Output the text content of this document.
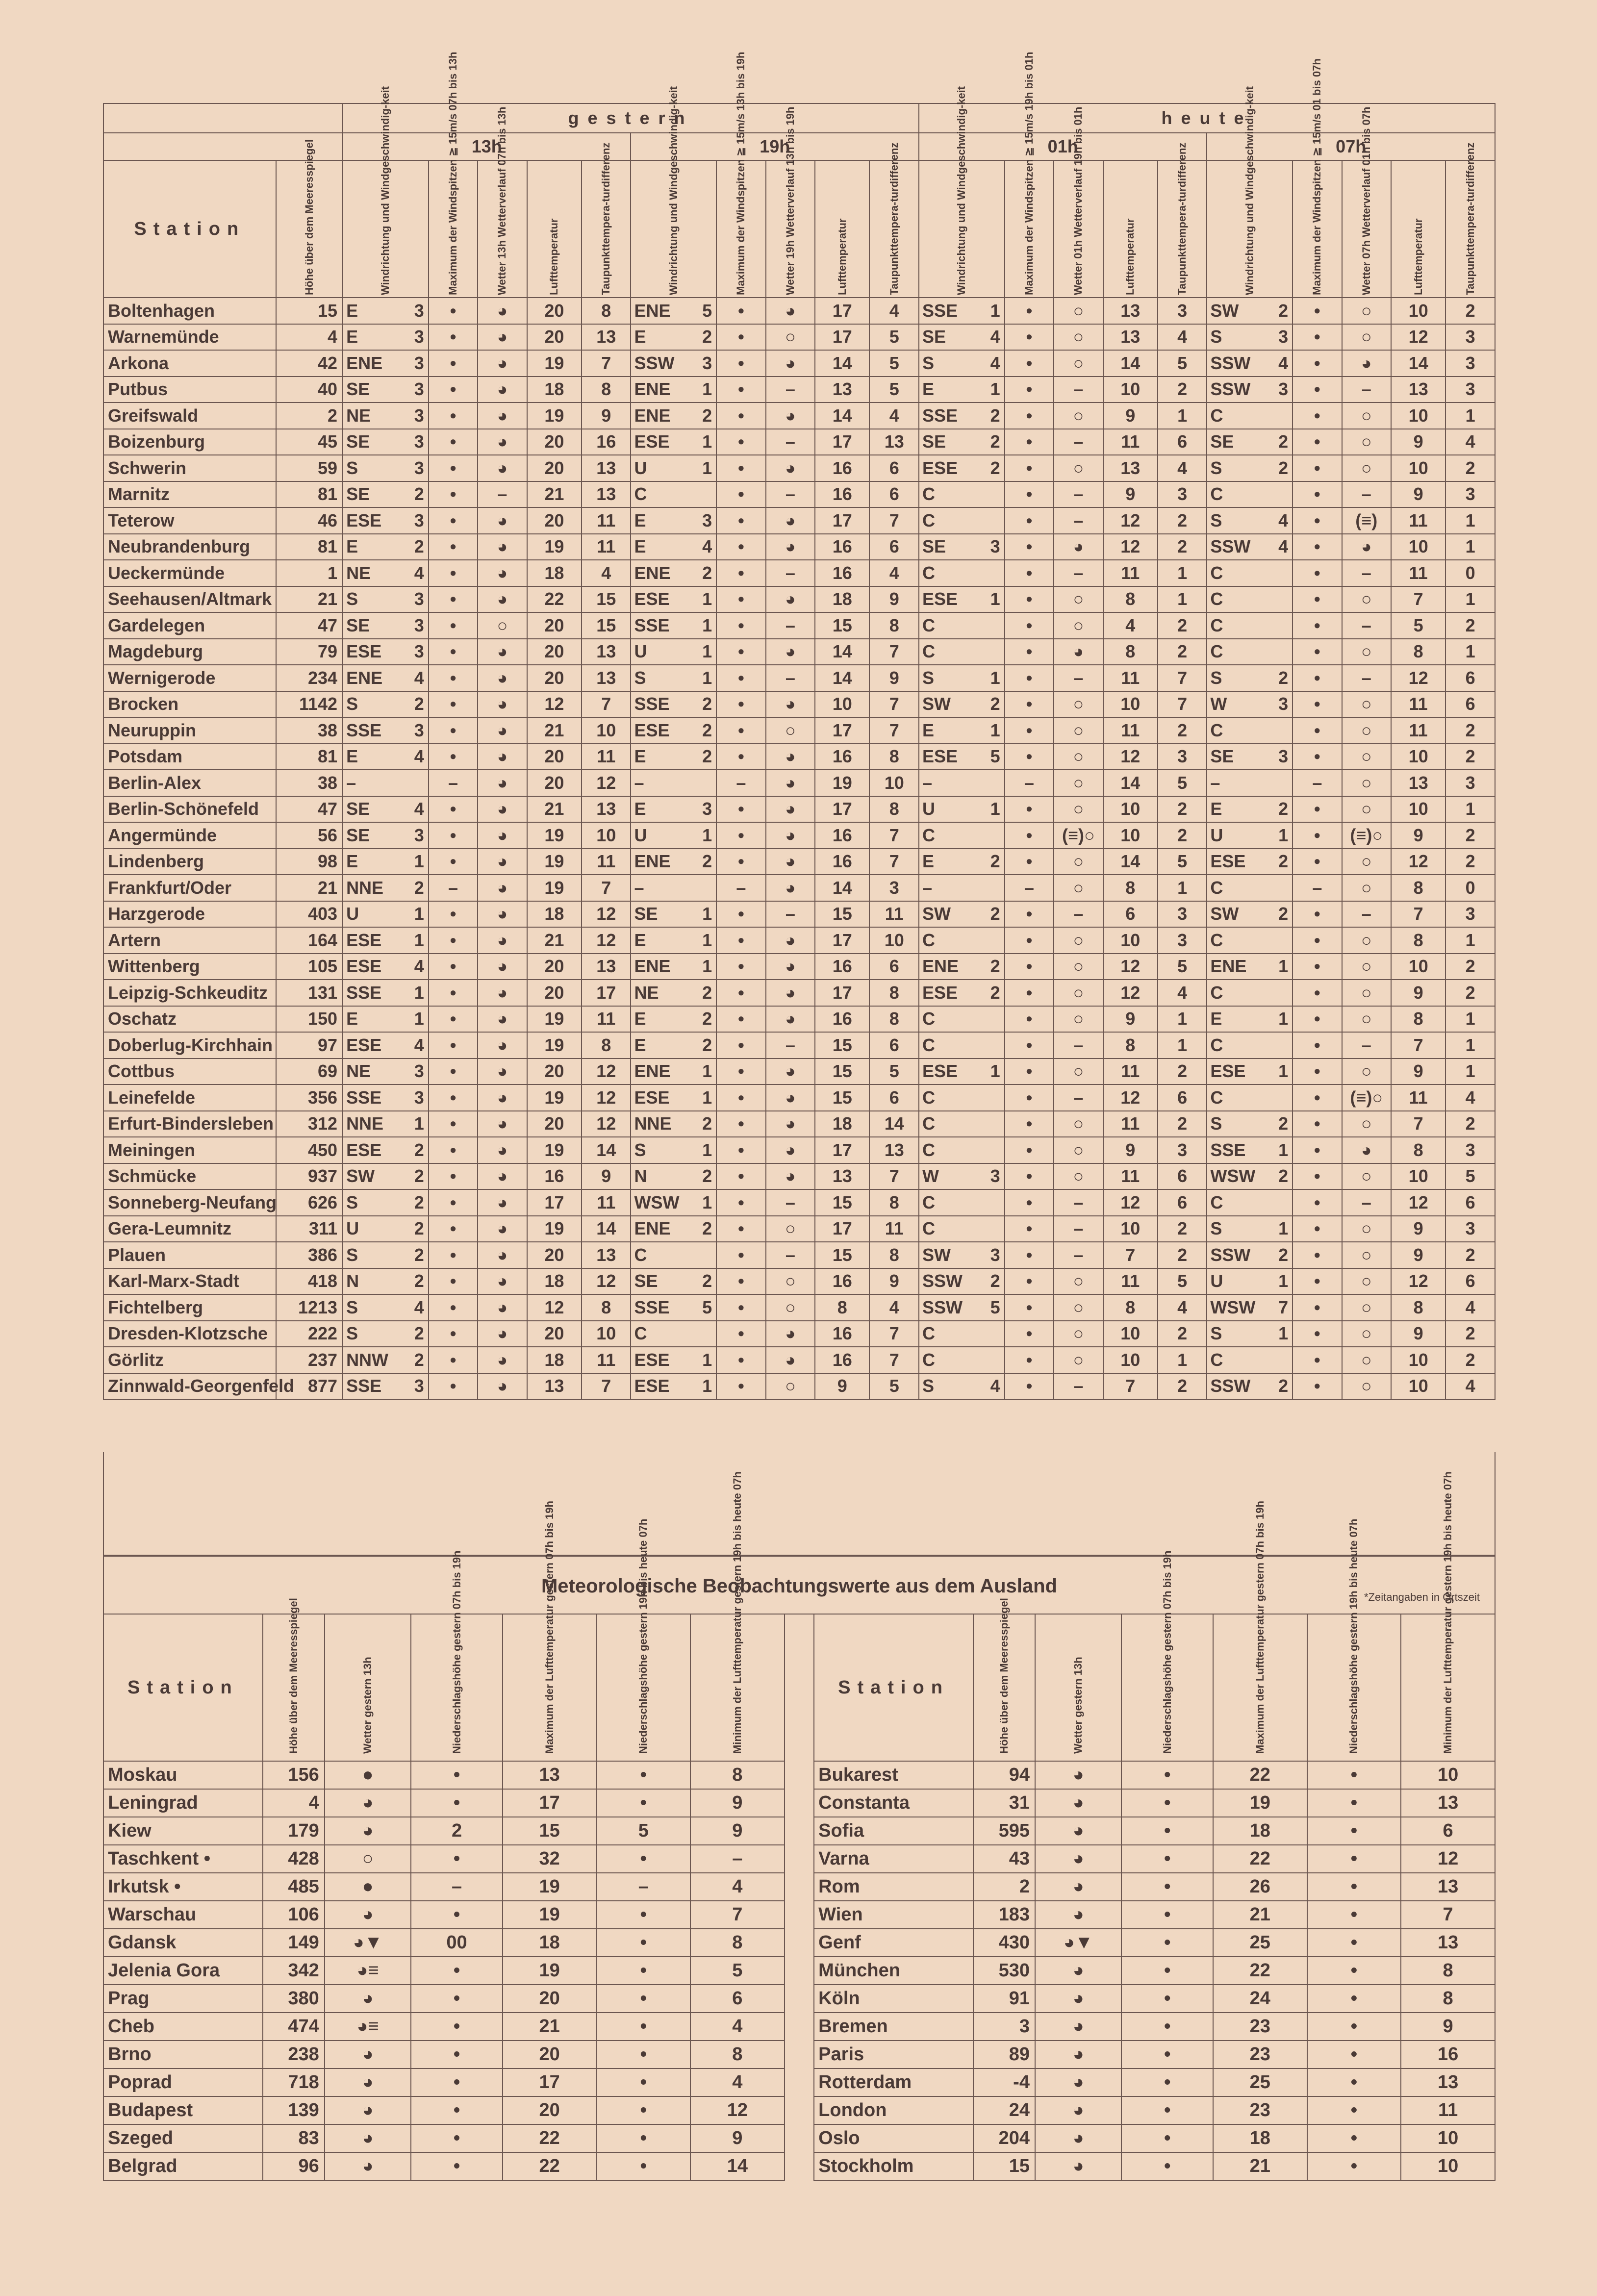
		gestern										heute									
		13h					19h					01h					07h				
Station	Höhe über dem Meeresspiegel	Windrichtung und Windgeschwindig-keit	Maximum der Windspitzen ≧ 15m/s 07h bis 13h	Wetter 13h Wetterverlauf 07h bis 13h	Lufttemperatur	Taupunkttempera-turdifferenz	Windrichtung und Windgeschwindig-keit	Maximum der Windspitzen ≧ 15m/s 13h bis 19h	Wetter 19h Wetterverlauf 13h bis 19h	Lufttemperatur	Taupunkttempera-turdifferenz	Windrichtung und Windgeschwindig-keit	Maximum der Windspitzen ≧ 15m/s 19h bis 01h	Wetter 01h Wetterverlauf 19h bis 01h	Lufttemperatur	Taupunkttempera-turdifferenz	Windrichtung und Windgeschwindig-keit	Maximum der Windspitzen ≧ 15m/s 01 bis 07h	Wetter 07h Wetterverlauf 01h bis 07h	Lufttemperatur	Taupunkttempera-turdifferenz

Boltenhagen	15	E 3	•	◕	20	8	ENE 5	•	◕	17	4	SSE 1	•	○	13	3	SW 2	•	○	10	2
Warnemünde	4	E 3	•	◕	20	13	E 2	•	○	17	5	SE 4	•	○	13	4	S 3	•	○	12	3
Arkona	42	ENE 3	•	◕	19	7	SSW 3	•	◕	14	5	S 4	•	○	14	5	SSW 4	•	◕	14	3
Putbus	40	SE 3	•	◕	18	8	ENE 1	•	–	13	5	E 1	•	–	10	2	SSW 3	•	–	13	3
Greifswald	2	NE 3	•	◕	19	9	ENE 2	•	◕	14	4	SSE 2	•	○	9	1	C	•	○	10	1
Boizenburg	45	SE 3	•	◕	20	16	ESE 1	•	–	17	13	SE 2	•	–	11	6	SE 2	•	○	9	4
Schwerin	59	S 3	•	◕	20	13	U 1	•	◕	16	6	ESE 2	•	○	13	4	S 2	•	○	10	2
Marnitz	81	SE 2	•	–	21	13	C	•	–	16	6	C	•	–	9	3	C	•	–	9	3
Teterow	46	ESE 3	•	◕	20	11	E 3	•	◕	17	7	C	•	–	12	2	S 4	•	(≡)	11	1
Neubrandenburg	81	E 2	•	◕	19	11	E 4	•	◕	16	6	SE 3	•	◕	12	2	SSW 4	•	◕	10	1
Ueckermünde	1	NE 4	•	◕	18	4	ENE 2	•	–	16	4	C	•	–	11	1	C	•	–	11	0
Seehausen/Altmark	21	S 3	•	◕	22	15	ESE 1	•	◕	18	9	ESE 1	•	○	8	1	C	•	○	7	1
Gardelegen	47	SE 3	•	○	20	15	SSE 1	•	–	15	8	C	•	○	4	2	C	•	–	5	2
Magdeburg	79	ESE 3	•	◕	20	13	U 1	•	◕	14	7	C	•	◕	8	2	C	•	○	8	1
Wernigerode	234	ENE 4	•	◕	20	13	S 1	•	–	14	9	S 1	•	–	11	7	S 2	•	–	12	6
Brocken	1142	S 2	•	◕	12	7	SSE 2	•	◕	10	7	SW 2	•	○	10	7	W 3	•	○	11	6
Neuruppin	38	SSE 3	•	◕	21	10	ESE 2	•	○	17	7	E 1	•	○	11	2	C	•	○	11	2
Potsdam	81	E 4	•	◕	20	11	E 2	•	◕	16	8	ESE 5	•	○	12	3	SE 3	•	○	10	2
Berlin-Alex	38	–	–	◕	20	12	–	–	◕	19	10	–	–	○	14	5	–	–	○	13	3
Berlin-Schönefeld	47	SE 4	•	◕	21	13	E 3	•	◕	17	8	U 1	•	○	10	2	E 2	•	○	10	1
Angermünde	56	SE 3	•	◕	19	10	U 1	•	◕	16	7	C	•	(≡)○	10	2	U 1	•	(≡)○	9	2
Lindenberg	98	E 1	•	◕	19	11	ENE 2	•	◕	16	7	E 2	•	○	14	5	ESE 2	•	○	12	2
Frankfurt/Oder	21	NNE 2	–	◕	19	7	–	–	◕	14	3	–	–	○	8	1	C	–	○	8	0
Harzgerode	403	U 1	•	◕	18	12	SE 1	•	–	15	11	SW 2	•	–	6	3	SW 2	•	–	7	3
Artern	164	ESE 1	•	◕	21	12	E 1	•	◕	17	10	C	•	○	10	3	C	•	○	8	1
Wittenberg	105	ESE 4	•	◕	20	13	ENE 1	•	◕	16	6	ENE 2	•	○	12	5	ENE 1	•	○	10	2
Leipzig-Schkeuditz	131	SSE 1	•	◕	20	17	NE 2	•	◕	17	8	ESE 2	•	○	12	4	C	•	○	9	2
Oschatz	150	E 1	•	◕	19	11	E 2	•	◕	16	8	C	•	○	9	1	E 1	•	○	8	1
Doberlug-Kirchhain	97	ESE 4	•	◕	19	8	E 2	•	–	15	6	C	•	–	8	1	C	•	–	7	1
Cottbus	69	NE 3	•	◕	20	12	ENE 1	•	◕	15	5	ESE 1	•	○	11	2	ESE 1	•	○	9	1
Leinefelde	356	SSE 3	•	◕	19	12	ESE 1	•	◕	15	6	C	•	–	12	6	C	•	(≡)○	11	4
Erfurt-Bindersleben	312	NNE 1	•	◕	20	12	NNE 2	•	◕	18	14	C	•	○	11	2	S 2	•	○	7	2
Meiningen	450	ESE 2	•	◕	19	14	S 1	•	◕	17	13	C	•	○	9	3	SSE 1	•	◕	8	3
Schmücke	937	SW 2	•	◕	16	9	N 2	•	◕	13	7	W 3	•	○	11	6	WSW 2	•	○	10	5
Sonneberg-Neufang	626	S 2	•	◕	17	11	WSW 1	•	–	15	8	C	•	–	12	6	C	•	–	12	6
Gera-Leumnitz	311	U 2	•	◕	19	14	ENE 2	•	○	17	11	C	•	–	10	2	S 1	•	○	9	3
Plauen	386	S 2	•	◕	20	13	C	•	–	15	8	SW 3	•	–	7	2	SSW 2	•	○	9	2
Karl-Marx-Stadt	418	N 2	•	◕	18	12	SE 2	•	○	16	9	SSW 2	•	○	11	5	U 1	•	○	12	6
Fichtelberg	1213	S 4	•	◕	12	8	SSE 5	•	○	8	4	SSW 5	•	○	8	4	WSW 7	•	○	8	4
Dresden-Klotzsche	222	S 2	•	◕	20	10	C	•	◕	16	7	C	•	○	10	2	S 1	•	○	9	2
Görlitz	237	NNW 2	•	◕	18	11	ESE 1	•	◕	16	7	C	•	○	10	1	C	•	○	10	2
Zinnwald-Georgenfeld	877	SSE 3	•	◕	13	7	ESE 1	•	○	9	5	S 4	•	–	7	2	SSW 2	•	○	10	4
Meteorologische Beobachtungswerte aus dem Ausland
*Zeitangaben in Ortszeit
Station	Höhe über dem Meeresspiegel	Wetter gestern 13h	Niederschlagshöhe gestern 07h bis 19h	Maximum der Lufttemperatur gestern 07h bis 19h	Niederschlagshöhe gestern 19h bis heute 07h	Minimum der Lufttemperatur gestern 19h bis heute 07h		Station	Höhe über dem Meeresspiegel	Wetter gestern 13h	Niederschlagshöhe gestern 07h bis 19h	Maximum der Lufttemperatur gestern 07h bis 19h	Niederschlagshöhe gestern 19h bis heute 07h	Minimum der Lufttemperatur gestern 19h bis heute 07h

Moskau	156	●	•	13	•	8		Bukarest	94	◕	•	22	•	10
Leningrad	4	◕	•	17	•	9		Constanta	31	◕	•	19	•	13
Kiew	179	◕	2	15	5	9		Sofia	595	◕	•	18	•	6
Taschkent •	428	○	•	32	•	–		Varna	43	◕	•	22	•	12
Irkutsk •	485	●	–	19	–	4		Rom	2	◕	•	26	•	13
Warschau	106	◕	•	19	•	7		Wien	183	◕	•	21	•	7
Gdansk	149	◕▼	00	18	•	8		Genf	430	◕▼	•	25	•	13
Jelenia Gora	342	◕≡	•	19	•	5		München	530	◕	•	22	•	8
Prag	380	◕	•	20	•	6		Köln	91	◕	•	24	•	8
Cheb	474	◕≡	•	21	•	4		Bremen	3	◕	•	23	•	9
Brno	238	◕	•	20	•	8		Paris	89	◕	•	23	•	16
Poprad	718	◕	•	17	•	4		Rotterdam	-4	◕	•	25	•	13
Budapest	139	◕	•	20	•	12		London	24	◕	•	23	•	11
Szeged	83	◕	•	22	•	9		Oslo	204	◕	•	18	•	10
Belgrad	96	◕	•	22	•	14		Stockholm	15	◕	•	21	•	10
